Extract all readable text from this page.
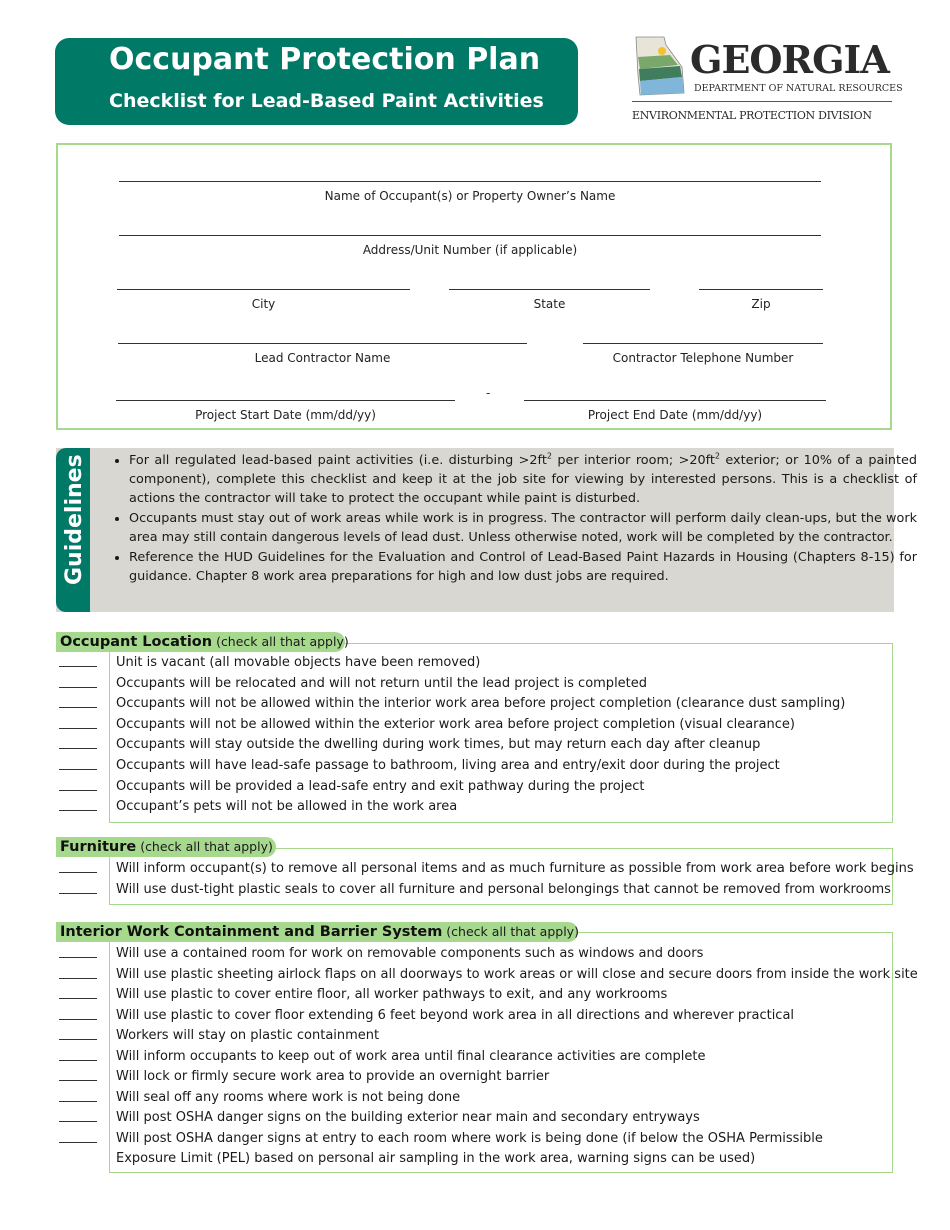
Occupant Protection Plan
Checklist for Lead-Based Paint Activities
GEORGIA
DEPARTMENT OF NATURAL RESOURCES
ENVIRONMENTAL PROTECTION DIVISION
Name of Occupant(s) or Property Owner’s Name
Address/Unit Number (if applicable)
City	State	Zip
Lead Contractor Name	Contractor Telephone Number
Project Start Date (mm/dd/yy)
-
Project End Date (mm/dd/yy)
Guidelines
•	For all regulated lead-based paint activities (i.e. disturbing $>2ft^2$ per interior room; $>20ft^2$ exterior; or 10% of a painted component), complete this checklist and keep it at the job site for viewing by interested persons. This is a checklist of actions the contractor will take to protect the occupant while paint is disturbed.
• Occupants must stay out of work areas while work is in progress. The contractor will perform daily clean-ups, but the work area may still contain dangerous levels of lead dust. Unless otherwise noted, work will be completed by the contractor.
• Reference the HUD Guidelines for the Evaluation and Control of Lead-Based Paint Hazards in Housing (Chapters 8-15) for guidance. Chapter 8 work area preparations for high and low dust jobs are required.
Occupant Location (check all that apply)
Unit is vacant (all movable objects have been removed)
Occupants will be relocated and will not return until the lead project is completed
Occupants will not be allowed within the interior work area before project completion (clearance dust sampling)
Occupants will not be allowed within the exterior work area before project completion (visual clearance)
Occupants will stay outside the dwelling during work times, but may return each day after cleanup
Occupants will have lead-safe passage to bathroom, living area and entry/exit door during the project
Occupants will be provided a lead-safe entry and exit pathway during the project
Occupant’s pets will not be allowed in the work area
Furniture (check all that apply)
Will inform occupant(s) to remove all personal items and as much furniture as possible from work area before work begins
Will use dust-tight plastic seals to cover all furniture and personal belongings that cannot be removed from workrooms
Interior Work Containment and Barrier System (check all that apply)
Will use a contained room for work on removable components such as windows and doors
Will use plastic sheeting airlock flaps on all doorways to work areas or will close and secure doors from inside the work site
Will use plastic to cover entire floor, all worker pathways to exit, and any workrooms
Will use plastic to cover floor extending 6 feet beyond work area in all directions and wherever practical
Workers will stay on plastic containment
Will inform occupants to keep out of work area until final clearance activities are complete
Will lock or firmly secure work area to provide an overnight barrier
Will seal off any rooms where work is not being done
Will post OSHA danger signs on the building exterior near main and secondary entryways
Will post OSHA danger signs at entry to each room where work is being done (if below the OSHA Permissible Exposure Limit (PEL) based on personal air sampling in the work area, warning signs can be used)
